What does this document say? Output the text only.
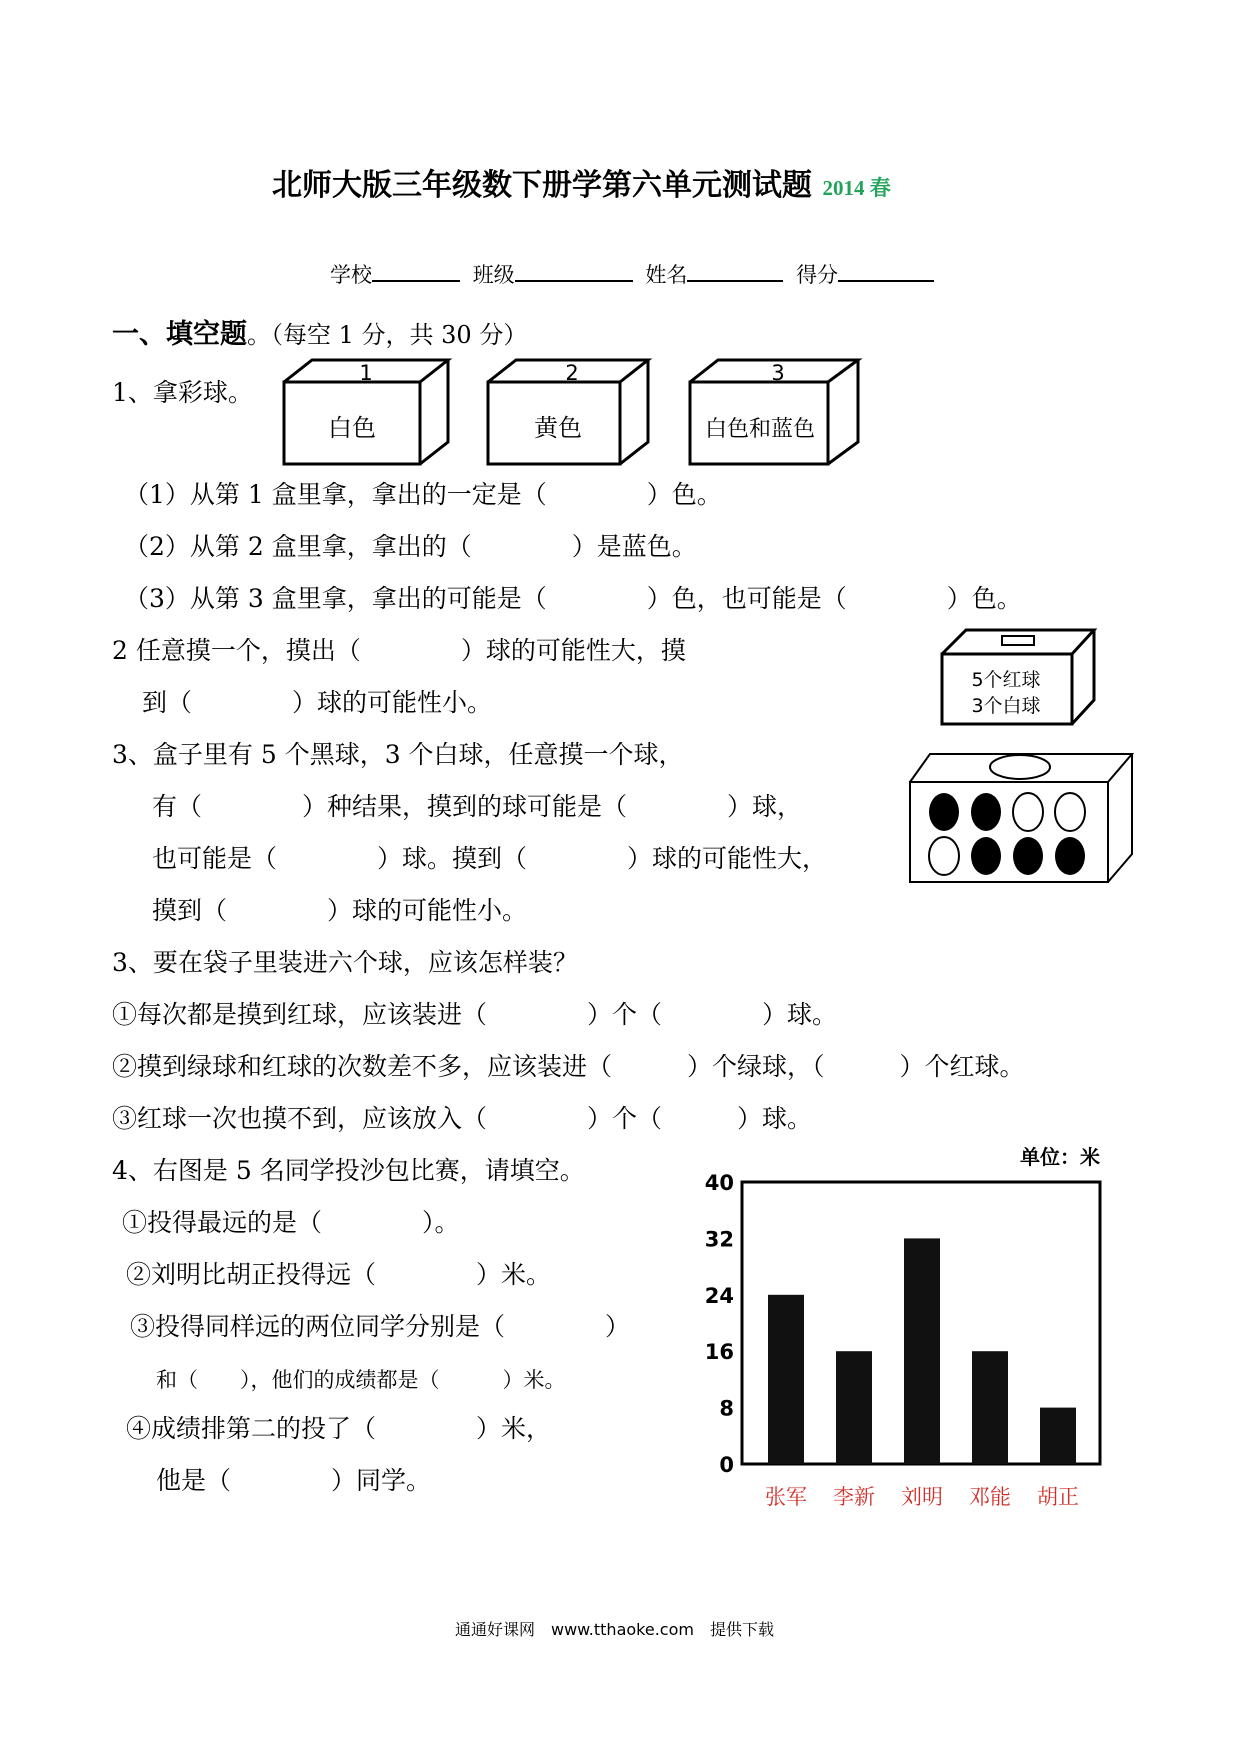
北师大版三年级数下册学第六单元测试题 2014 春
学校	班级	姓名	得分
一、填空题。（每空 1 分，共 30 分）
1、拿彩球。
1
白色
2
黄色
3
白色和蓝色
（1）从第 1 盒里拿，拿出的一定是（　　　　）色。
（2）从第 2 盒里拿，拿出的（　　　　）是蓝色。
（3）从第 3 盒里拿，拿出的可能是（　　　　）色，也可能是（　　　　）色。
2 任意摸一个，摸出（　　　　）球的可能性大，摸
到（　　　　）球的可能性小。
5个红球
3个白球
3、盒子里有 5 个黑球，3 个白球，任意摸一个球，
有（　　　　）种结果，摸到的球可能是（　　　　）球，
也可能是（　　　　）球。摸到（　　　　）球的可能性大，
摸到（　　　　）球的可能性小。
3、要在袋子里装进六个球，应该怎样装？
①每次都是摸到红球，应该装进（　　　　）个（　　　　）球。
②摸到绿球和红球的次数差不多，应该装进（　　　）个绿球，（　　　）个红球。
③红球一次也摸不到，应该放入（　　　　）个（　　　）球。
4、右图是 5 名同学投沙包比赛，请填空。
①投得最远的是（　　　　）。
②刘明比胡正投得远（　　　　）米。
③投得同样远的两位同学分别是（　　　　）
和（　　），他们的成绩都是（　　　）米。
④成绩排第二的投了（　　　　）米，
他是（　　　　）同学。
单位：米
0
8
16
24
32
40
张军 李新 刘明 邓能 胡正
通通好课网　www.tthaoke.com　提供下载
